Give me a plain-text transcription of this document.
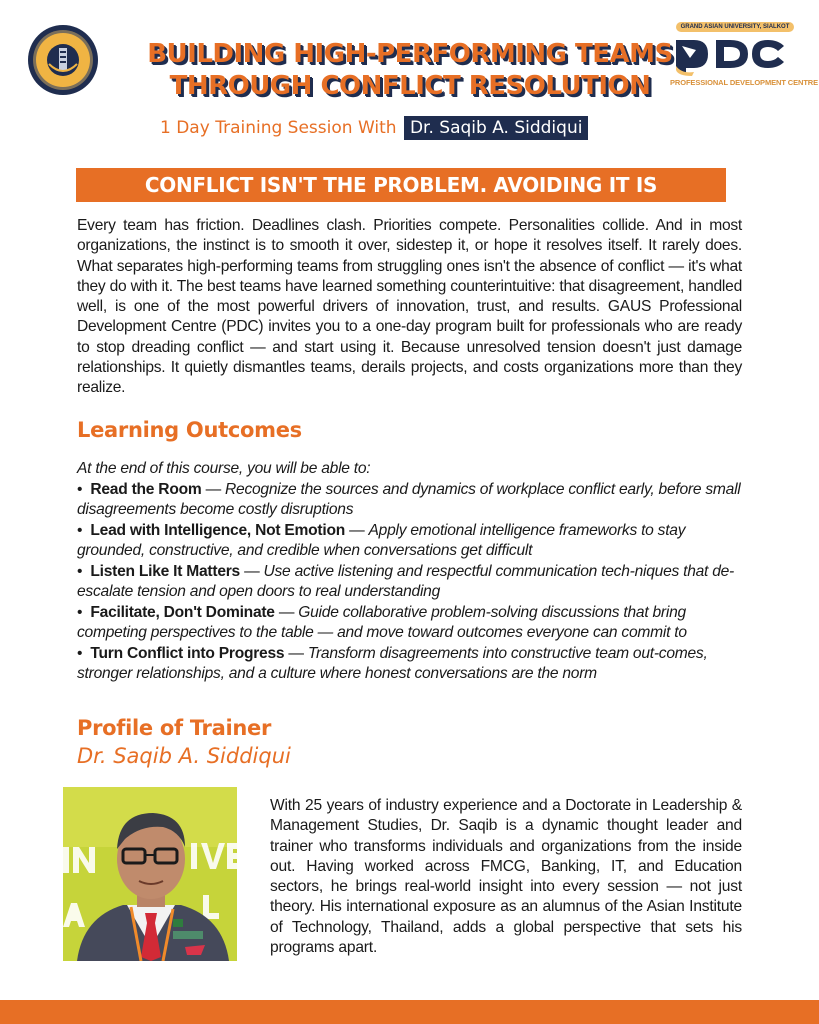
GRAND ASIAN UNIVERSITY, SIALKOT
PROFESSIONAL DEVELOPMENT CENTRE
BUILDING HIGH-PERFORMING TEAMS
THROUGH CONFLICT RESOLUTION
1 Day Training Session With Dr. Saqib A. Siddiqui
CONFLICT ISN'T THE PROBLEM. AVOIDING IT IS

Every team has friction. Deadlines clash. Priorities compete. Personalities collide. And in most organizations, the instinct is to smooth it over, sidestep it, or hope it resolves itself. It rarely does. What separates high-performing teams from struggling ones isn't the absence of conflict — it's what they do with it. The best teams have learned something counterintuitive: that disagreement, handled well, is one of the most powerful drivers of innovation, trust, and results. GAUS Professional Development Centre (PDC) invites you to a one-day program built for professionals who are ready to stop dreading conflict — and start using it. Because unresolved tension doesn't just damage relationships. It quietly dismantles teams, derails projects, and costs organizations more than they realize.

Learning Outcomes
At the end of this course, you will be able to:
•  Read the Room — Recognize the sources and dynamics of workplace conflict early, before small disagreements become costly disruptions
•  Lead with Intelligence, Not Emotion — Apply emotional intelligence frameworks to stay grounded, constructive, and credible when conversations get difficult
•  Listen Like It Matters — Use active listening and respectful communication tech-niques that de-escalate tension and open doors to real understanding
•  Facilitate, Don't Dominate — Guide collaborative problem-solving discussions that bring competing perspectives to the table — and move toward outcomes everyone can commit to
•  Turn Conflict into Progress — Transform disagreements into constructive team out-comes, stronger relationships, and a culture where honest conversations are the norm
Profile of Trainer
Dr. Saqib A. Siddiqui

With 25 years of industry experience and a Doctorate in Leadership & Management Studies, Dr. Saqib is a dynamic thought leader and trainer who transforms individuals and organizations from the inside out. Having worked across FMCG, Banking, IT, and Education sectors, he brings real-world insight into every session — not just theory. His international exposure as an alumnus of the Asian Institute of Technology, Thailand, adds a global perspective that sets his programs apart.
